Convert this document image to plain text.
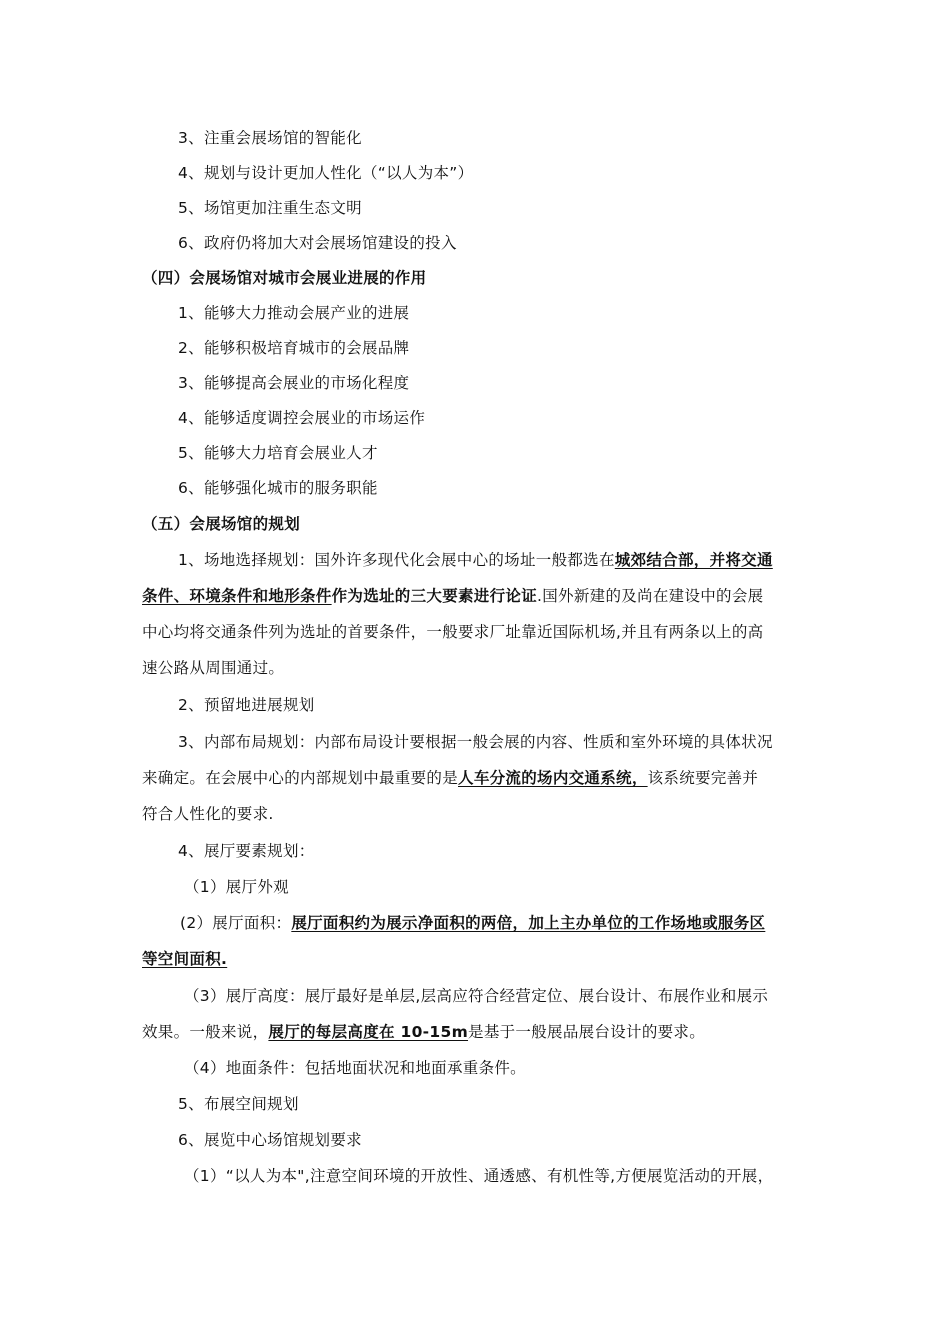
3、注重会展场馆的智能化
4、规划与设计更加人性化（“以人为本”）
5、场馆更加注重生态文明
6、政府仍将加大对会展场馆建设的投入
（四）会展场馆对城市会展业进展的作用
1、能够大力推动会展产业的进展
2、能够积极培育城市的会展品牌
3、能够提高会展业的市场化程度
4、能够适度调控会展业的市场运作
5、能够大力培育会展业人才
6、能够强化城市的服务职能
（五）会展场馆的规划
1、场地选择规划：国外许多现代化会展中心的场址一般都选在城郊结合部，并将交通
条件、环境条件和地形条件作为选址的三大要素进行论证.国外新建的及尚在建设中的会展
中心均将交通条件列为选址的首要条件，一般要求厂址靠近国际机场,并且有两条以上的高
速公路从周围通过。
2、预留地进展规划
3、内部布局规划：内部布局设计要根据一般会展的内容、性质和室外环境的具体状况
来确定。在会展中心的内部规划中最重要的是人车分流的场内交通系统，该系统要完善并
符合人性化的要求.
4、展厅要素规划：
（1）展厅外观
(2）展厅面积：展厅面积约为展示净面积的两倍，加上主办单位的工作场地或服务区
等空间面积.
（3）展厅高度：展厅最好是单层,层高应符合经营定位、展台设计、布展作业和展示
效果。一般来说，展厅的每层高度在 10-15m是基于一般展品展台设计的要求。
（4）地面条件：包括地面状况和地面承重条件。
5、布展空间规划
6、展览中心场馆规划要求
（1）“以人为本",注意空间环境的开放性、通透感、有机性等,方便展览活动的开展，
